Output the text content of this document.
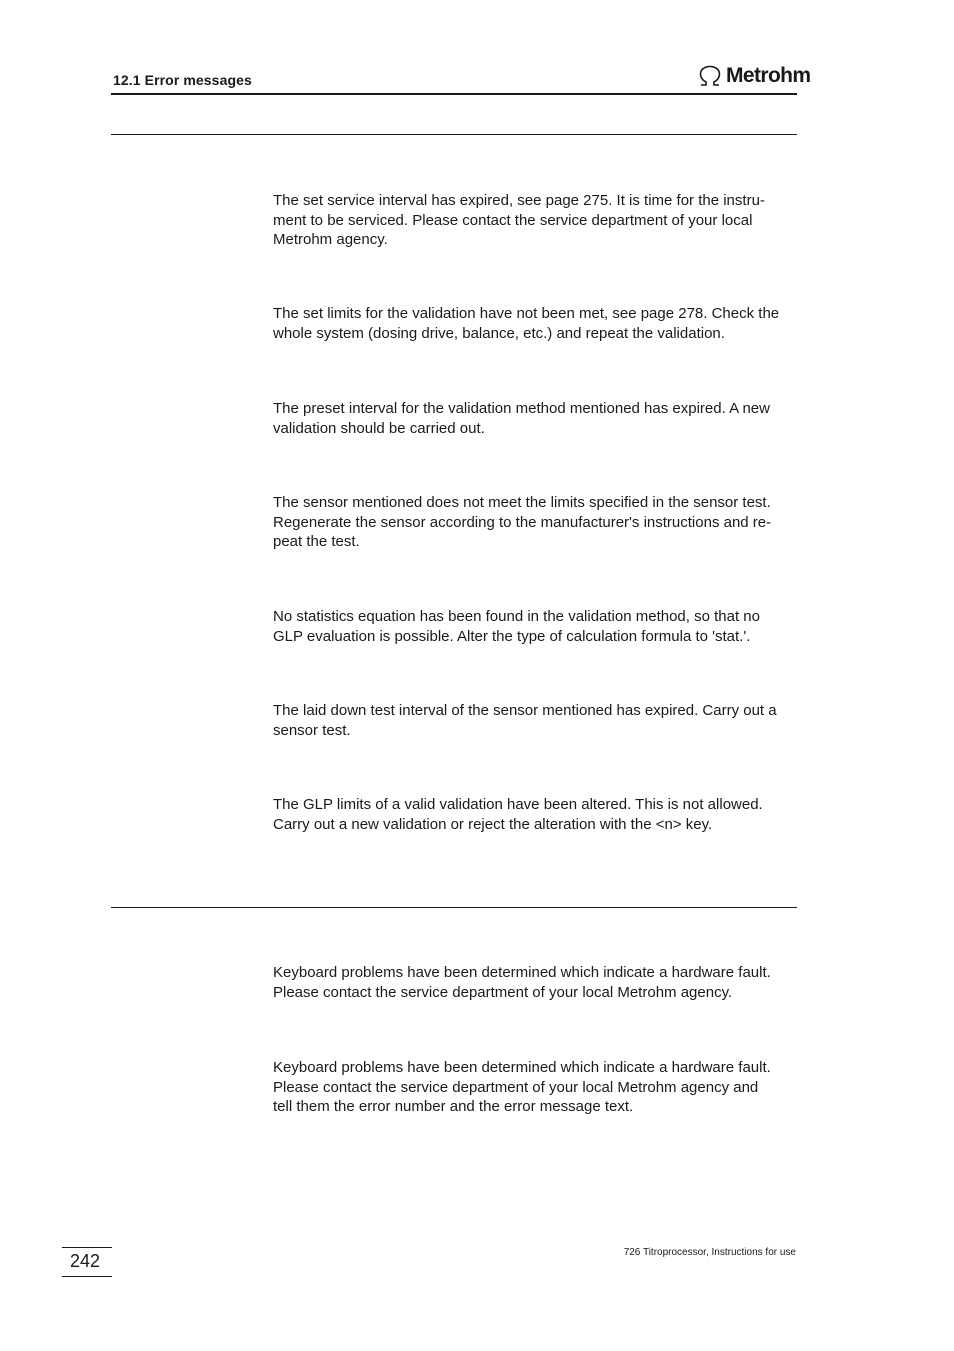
12.1 Error messages	Metrohm
The set service interval has expired, see page 275. It is time for the instru-
ment to be serviced. Please contact the service department of your local
Metrohm agency.
The set limits for the validation have not been met, see page 278. Check the
whole system (dosing drive, balance, etc.) and repeat the validation.
The preset interval for the validation method mentioned has expired. A new
validation should be carried out.
The sensor mentioned does not meet the limits specified in the sensor test.
Regenerate the sensor according to the manufacturer's instructions and re-
peat the test.
No statistics equation has been found in the validation method, so that no
GLP evaluation is possible. Alter the type of calculation formula to 'stat.'.
The laid down test interval of the sensor mentioned has expired. Carry out a
sensor test.
The GLP limits of a valid validation have been altered. This is not allowed.
Carry out a new validation or reject the alteration with the <n> key.
Keyboard problems have been determined which indicate a hardware fault.
Please contact the service department of your local Metrohm agency.
Keyboard problems have been determined which indicate a hardware fault.
Please contact the service department of your local Metrohm agency and
tell them the error number and the error message text.
242	726 Titroprocessor, Instructions for use
